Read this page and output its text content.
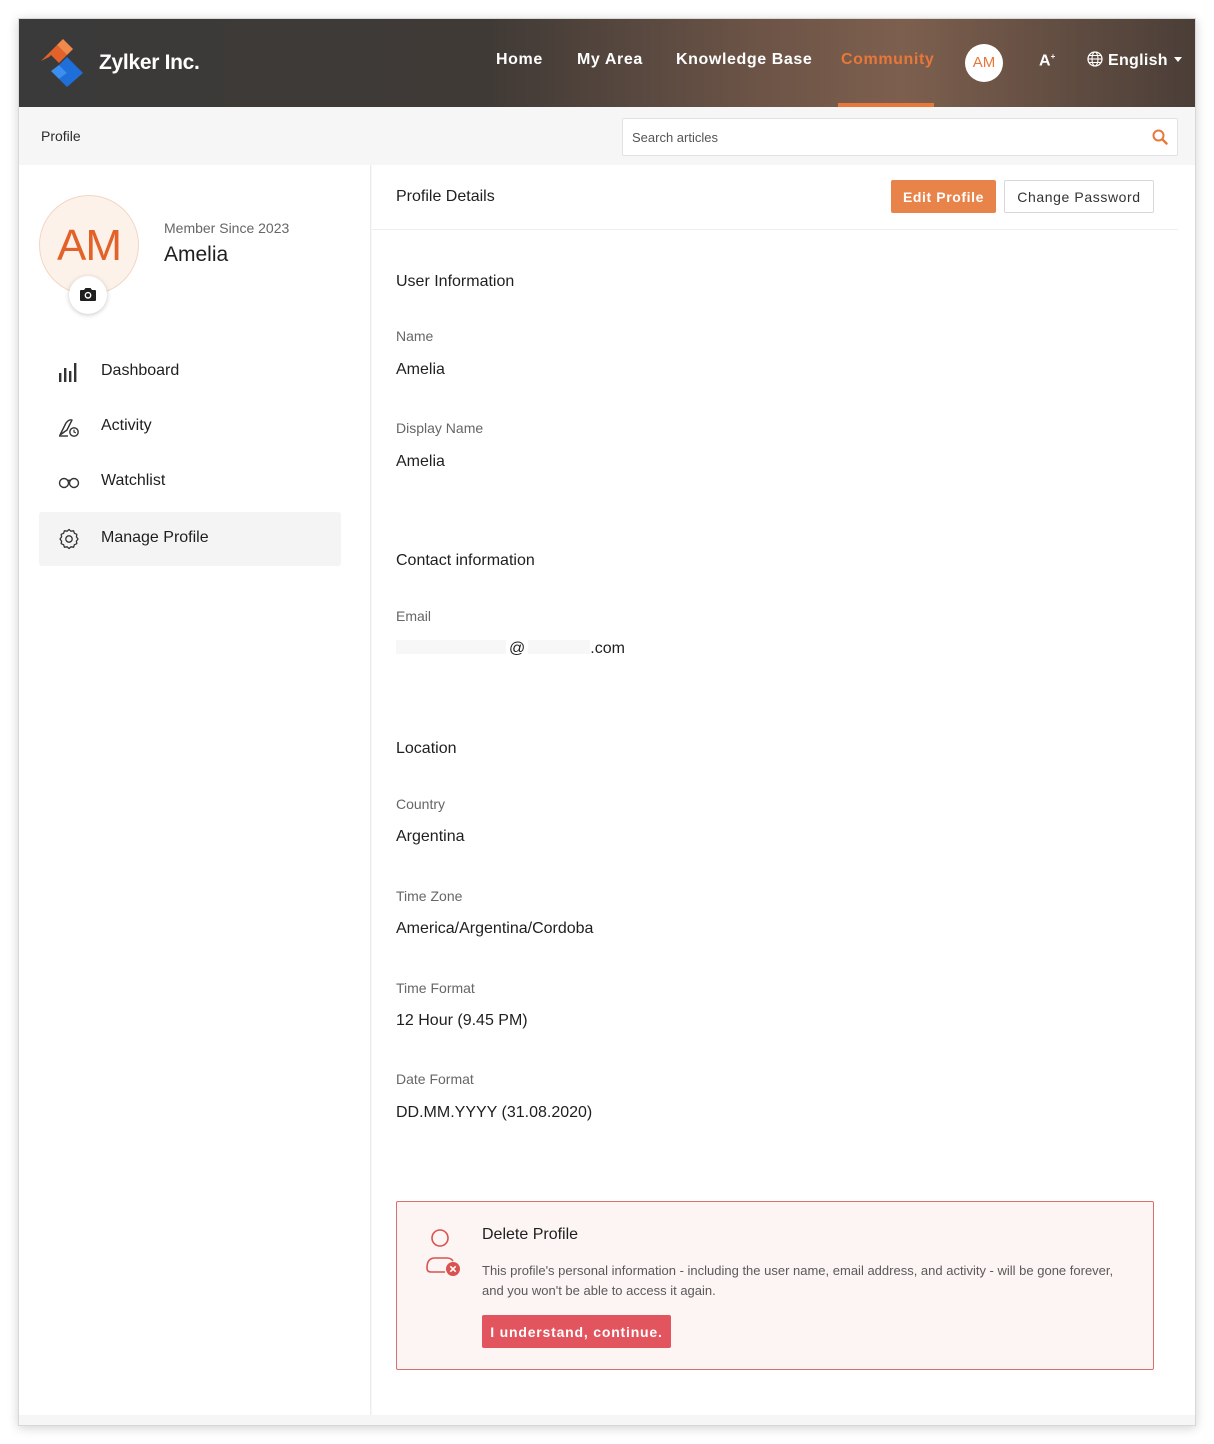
Zylker Inc.	Home My Area Knowledge Base Community	AM	A+	English
Profile
Search articles
AM	Member Since 2023
Amelia
Dashboard
Activity
Watchlist
Manage Profile
Profile Details	Edit Profile	Change Password
User Information
Name
Amelia
Display Name
Amelia
Contact information
Email
@	.com
Location
Country
Argentina
Time Zone
America/Argentina/Cordoba
Time Format
12 Hour (9.45 PM)
Date Format
DD.MM.YYYY (31.08.2020)
Delete Profile
This profile's personal information - including the user name, email address, and activity - will be gone forever, and you won't be able to access it again.
I understand, continue.
